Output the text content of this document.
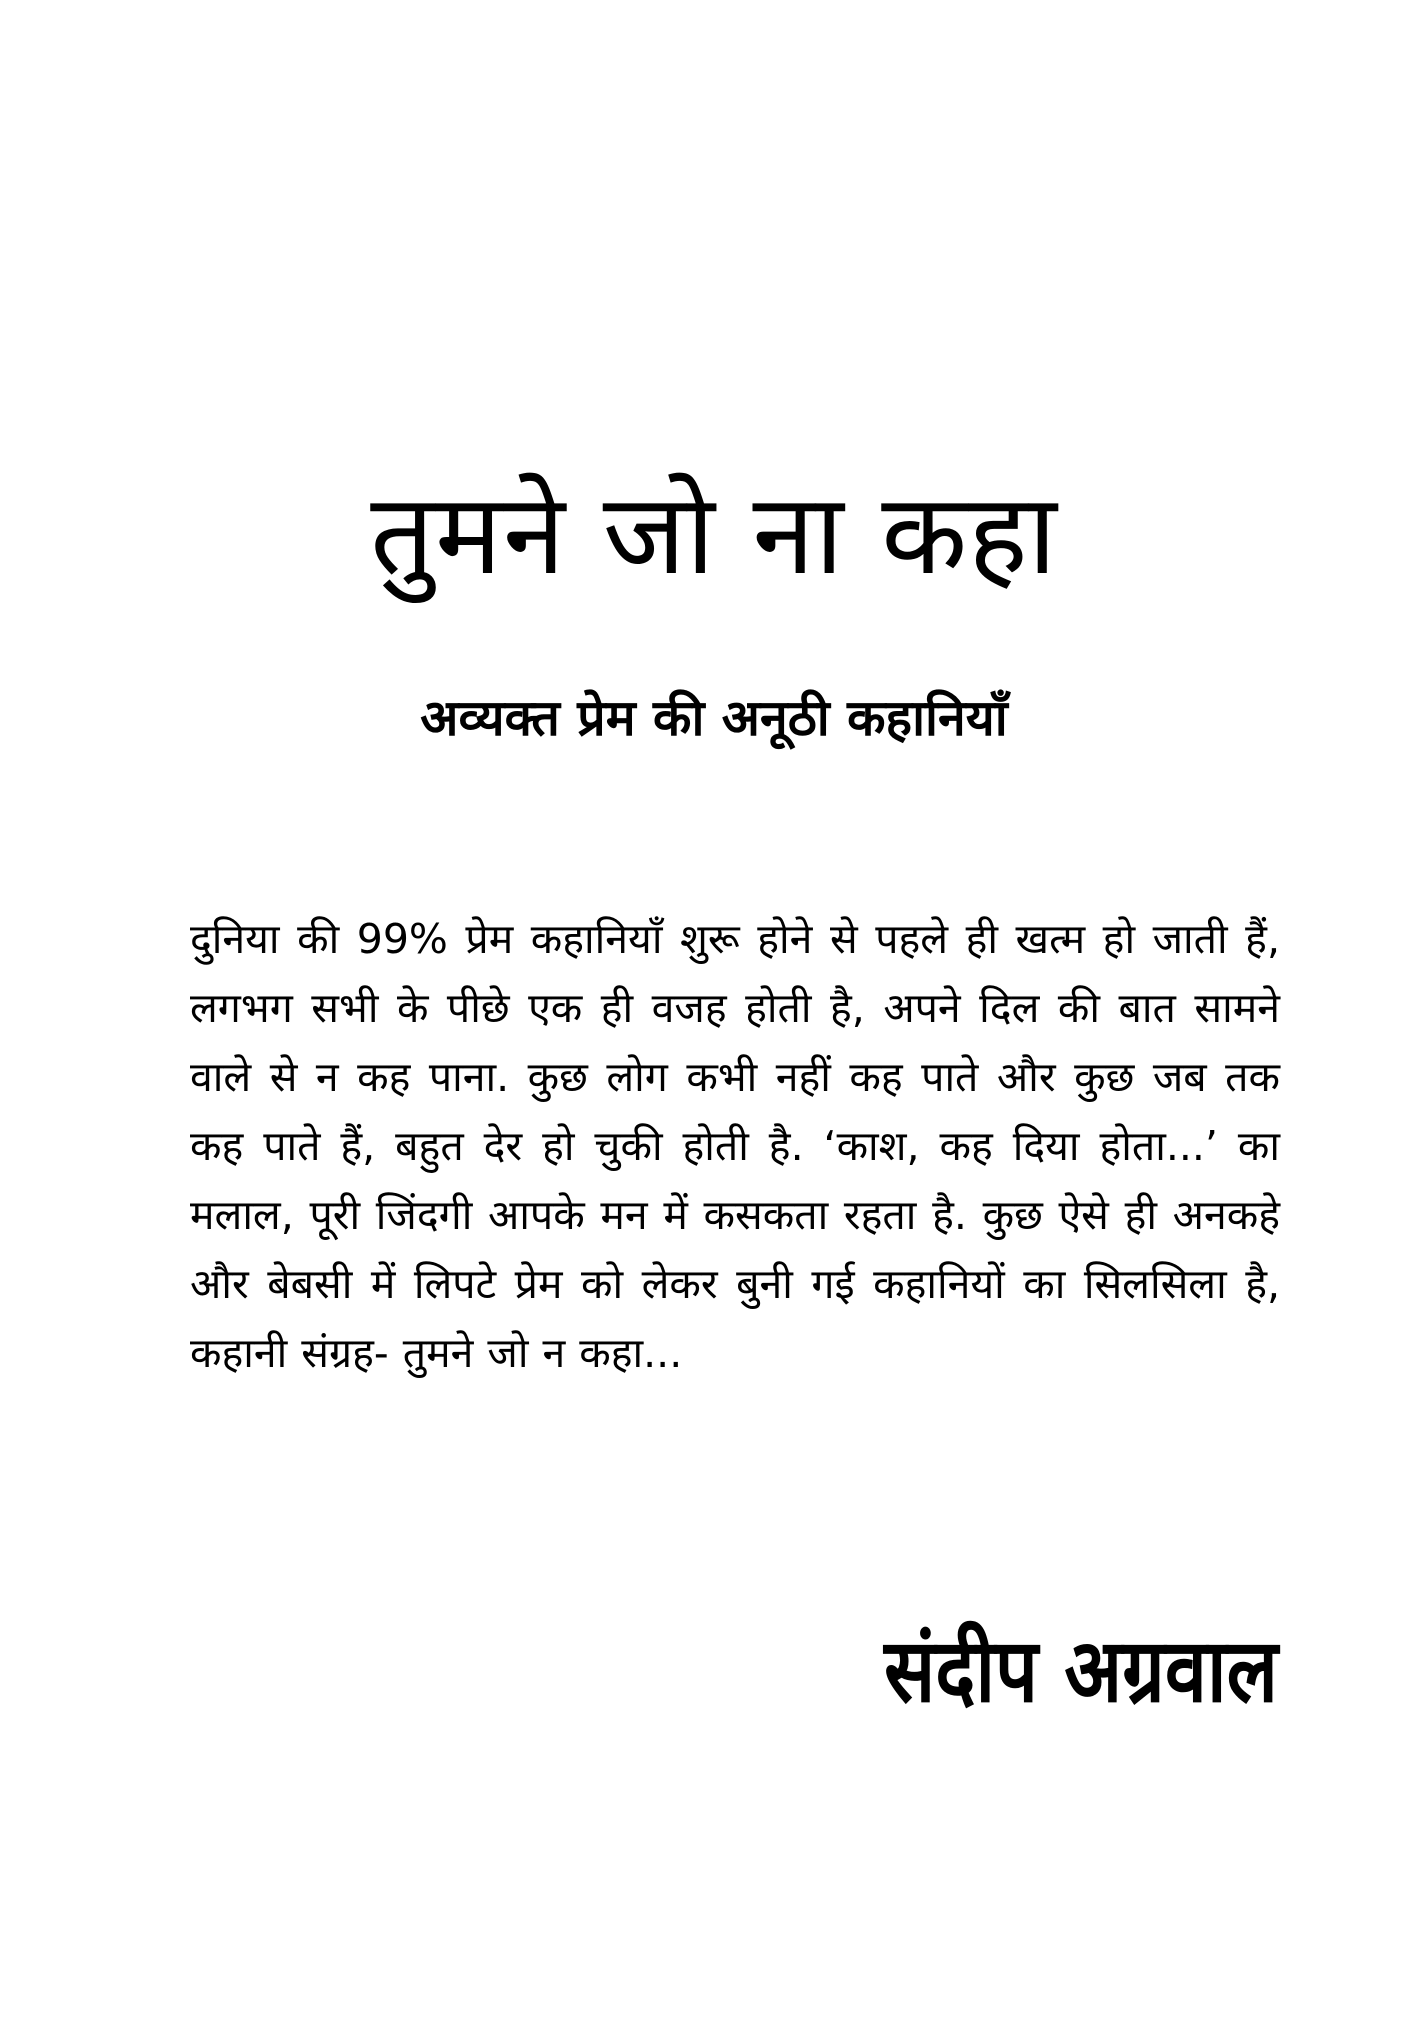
तुमने जो ना कहा
अव्यक्त प्रेम की अनूठी कहानियाँ

दुनिया की 99% प्रेम कहानियाँ शुरू होने से पहले ही खत्म हो जाती हैं, लगभग सभी के पीछे एक ही वजह होती है, अपने दिल की बात सामने वाले से न कह पाना. कुछ लोग कभी नहीं कह पाते और कुछ जब तक कह पाते हैं, बहुत देर हो चुकी होती है. ‘काश, कह दिया होता...’ का मलाल, पूरी जिंदगी आपके मन में कसकता रहता है. कुछ ऐसे ही अनकहे और बेबसी में लिपटे प्रेम को लेकर बुनी गई कहानियों का सिलसिला है, कहानी संग्रह- तुमने जो न कहा...

संदीप अग्रवाल
